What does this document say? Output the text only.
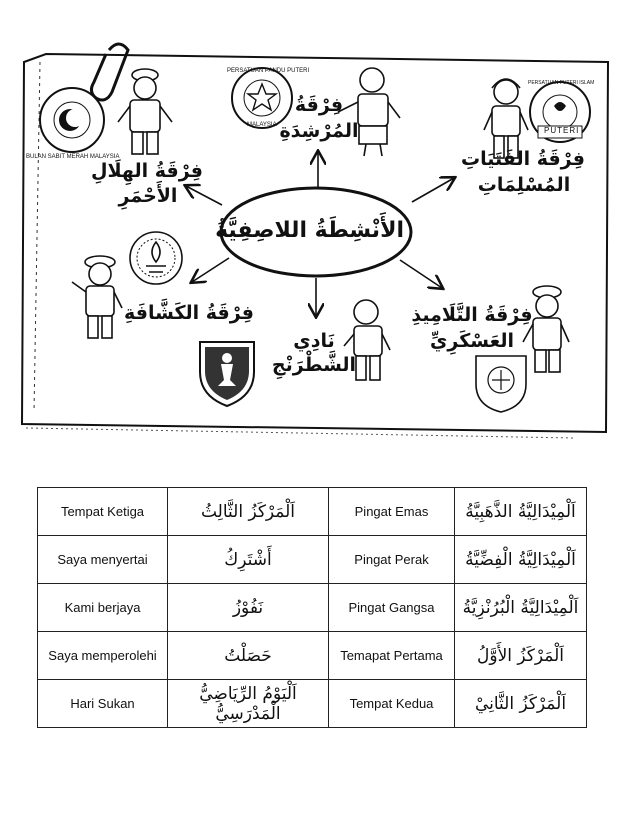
BULAN SABIT MERAH MALAYSIA
PERSATUAN PANDU PUTERI
MALAYSIA
PERSATUAN PUTERI ISLAM
PUTERI
الأَنْشِطَةُ اللاصِفِيَّةُ
فِرْقَةُ الهِلَالِ
الأَحْمَرِ
فِرْقَةُ
المُرْشِدَةِ
فِرْقَةُ الفَتَيَاتِ
المُسْلِمَاتِ
فِرْقَةُ الكَشَّافَةِ
نَادِي
الشَّطْرَنْجِ
فِرْقَةُ التَّلَامِيذِ
العَسْكَرِيِّ
Tempat Ketiga	اَلْمَرْكَزُ الثَّالِثُ	Pingat Emas	اَلْمِيْدَالِيَّةُ الذَّهَبِيَّةُ
Saya menyertai	أَشْتَرِكُ	Pingat Perak	اَلْمِيْدَالِيَّةُ الْفِضِّيَّةُ
Kami berjaya	نَفُوْزُ	Pingat Gangsa	اَلْمِيْدَالِيَّةُ الْبُرُنْزِيَّةُ
Saya memperolehi	حَصَلْتُ	Temapat Pertama	اَلْمَرْكَزُ الأَوَّلُ
Hari Sukan	اَلْيَوْمُ الرِّيَاضِيُّ الْمَدْرَسِيُّ	Tempat Kedua	اَلْمَرْكَزُ الثَّانِيْ
